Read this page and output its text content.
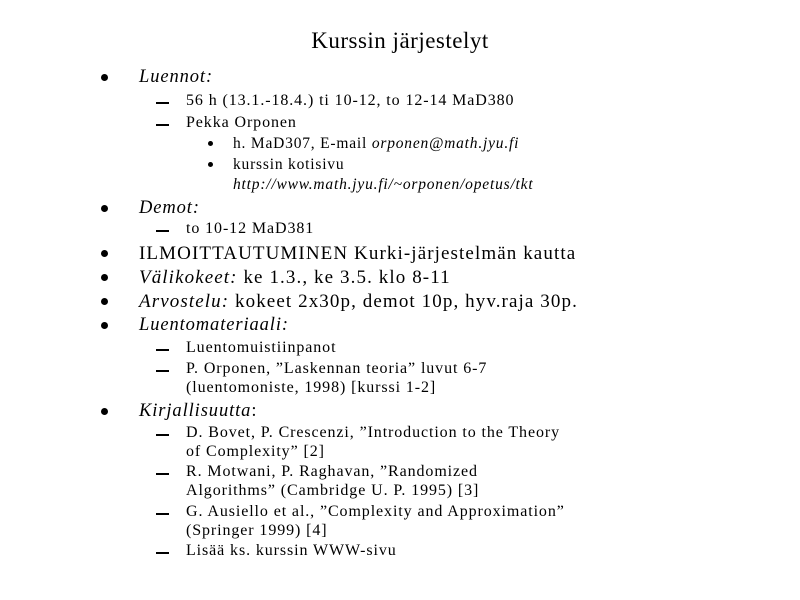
Kurssin järjestelyt
Luennot:
56 h (13.1.-18.4.) ti 10-12, to 12-14 MaD380
Pekka Orponen
h. MaD307, E-mail orponen@math.jyu.fi
kurssin kotisivu
http://www.math.jyu.fi/~orponen/opetus/tkt
Demot:
to 10-12 MaD381
ILMOITTAUTUMINEN Kurki-järjestelmän kautta
Välikokeet: ke 1.3., ke 3.5. klo 8-11
Arvostelu: kokeet 2x30p, demot 10p, hyv.raja 30p.
Luentomateriaali:
Luentomuistiinpanot
P. Orponen, ”Laskennan teoria” luvut 6-7
(luentomoniste, 1998) [kurssi 1-2]
Kirjallisuutta:
D. Bovet, P. Crescenzi, ”Introduction to the Theory
of Complexity” [2]
R. Motwani, P. Raghavan, ”Randomized
Algorithms” (Cambridge U. P. 1995) [3]
G. Ausiello et al., ”Complexity and Approximation”
(Springer 1999) [4]
Lisää ks. kurssin WWW-sivu
